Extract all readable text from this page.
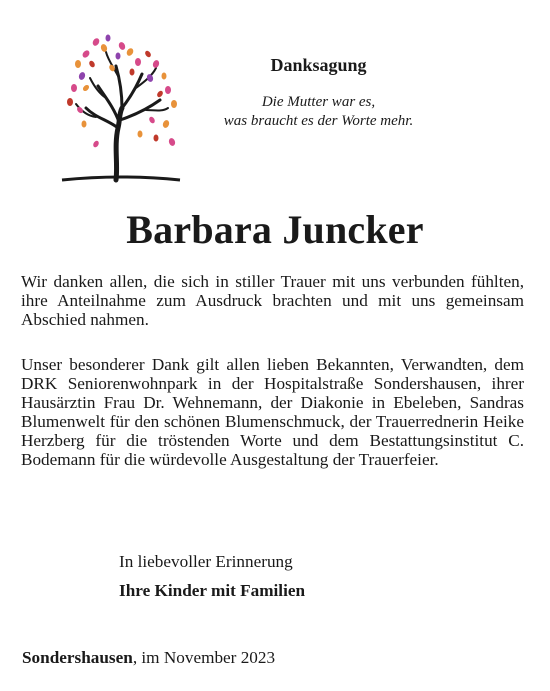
Danksagung

Die Mutter war es,

was braucht es der Worte mehr.

Barbara Juncker

Wir danken allen, die sich in stiller Trauer mit uns verbunden fühlten, ihre Anteilnahme zum Ausdruck brachten und mit uns gemeinsam Abschied nahmen.

Unser besonderer Dank gilt allen lieben Bekannten, Verwandten, dem DRK Seniorenwohnpark in der Hospitalstraße Sondershausen, ihrer Hausärztin Frau Dr. Wehnemann, der Diakonie in Ebeleben, Sandras Blumenwelt für den schönen Blumenschmuck, der Trauerrednerin Heike Herzberg für die tröstenden Worte und dem Bestattungsinstitut C. Bodemann für die würdevolle Ausgestaltung der Trauerfeier.

In liebevoller Erinnerung

Ihre Kinder mit Familien

Sondershausen, im November 2023
